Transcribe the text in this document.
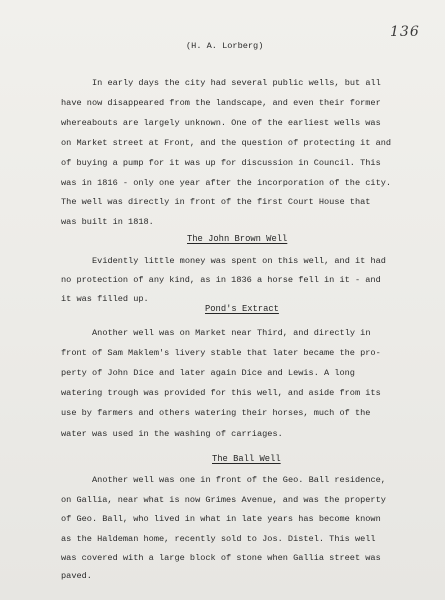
136
(H. A. Lorberg)
In early days the city had several public wells, but all
have now disappeared from the landscape, and even their former
whereabouts are largely unknown. One of the earliest wells was
on Market street at Front, and the question of protecting it and
of buying a pump for it was up for discussion in Council. This
was in 1816 - only one year after the incorporation of the city.
The well was directly in front of the first Court House that
was built in 1818.
The John Brown Well
Evidently little money was spent on this well, and it had
no protection of any kind, as in 1836 a horse fell in it - and
it was filled up.
Pond's Extract
Another well was on Market near Third, and directly in
front of Sam Maklem's livery stable that later became the pro-
perty of John Dice and later again Dice and Lewis. A long
watering trough was provided for this well, and aside from its
use by farmers and others watering their horses, much of the
water was used in the washing of carriages.
The Ball Well
Another well was one in front of the Geo. Ball residence,
on Gallia, near what is now Grimes Avenue, and was the property
of Geo. Ball, who lived in what in late years has become known
as the Haldeman home, recently sold to Jos. Distel. This well
was covered with a large block of stone when Gallia street was
paved.
